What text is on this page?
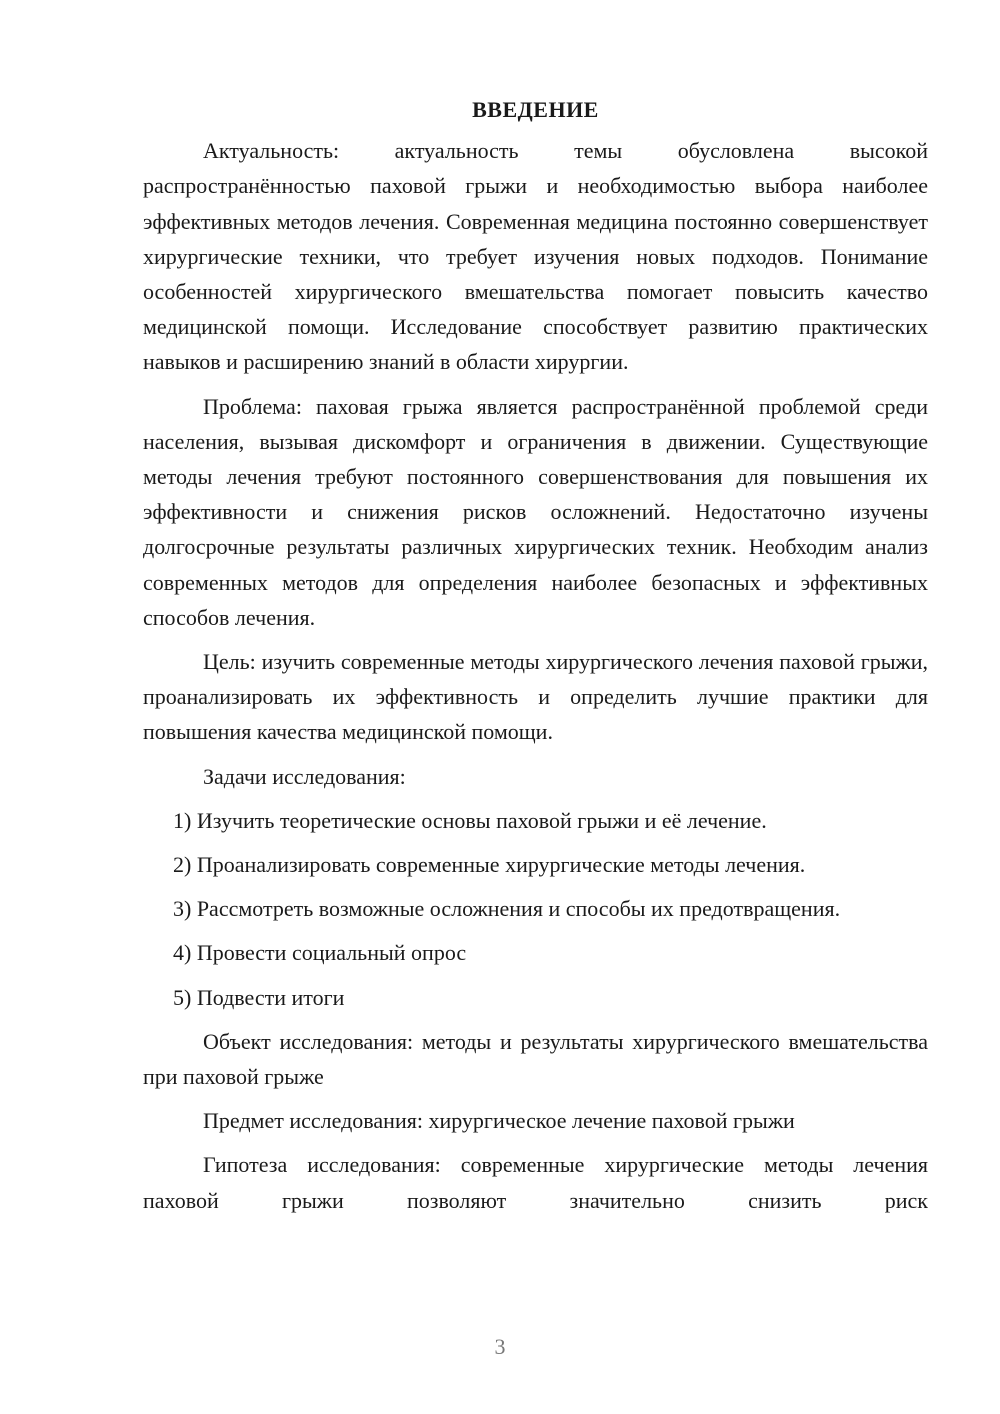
ВВЕДЕНИЕ

Актуальность: актуальность темы обусловлена высокой распространённостью паховой грыжи и необходимостью выбора наиболее эффективных методов лечения. Современная медицина постоянно совершенствует хирургические техники, что требует изучения новых подходов. Понимание особенностей хирургического вмешательства помогает повысить качество медицинской помощи. Исследование способствует развитию практических навыков и расширению знаний в области хирургии.

Проблема: паховая грыжа является распространённой проблемой среди населения, вызывая дискомфорт и ограничения в движении. Существующие методы лечения требуют постоянного совершенствования для повышения их эффективности и снижения рисков осложнений. Недостаточно изучены долгосрочные результаты различных хирургических техник. Необходим анализ современных методов для определения наиболее безопасных и эффективных способов лечения.

Цель: изучить современные методы хирургического лечения паховой грыжи, проанализировать их эффективность и определить лучшие практики для повышения качества медицинской помощи.

Задачи исследования:
1) Изучить теоретические основы паховой грыжи и её лечение.
2) Проанализировать современные хирургические методы лечения.
3) Рассмотреть возможные осложнения и способы их предотвращения.
4) Провести социальный опрос
5) Подвести итоги

Объект исследования: методы и результаты хирургического вмешательства при паховой грыже

Предмет исследования: хирургическое лечение паховой грыжи

Гипотеза исследования: современные хирургические методы лечения паховой грыжи позволяют значительно снизить риск

3
